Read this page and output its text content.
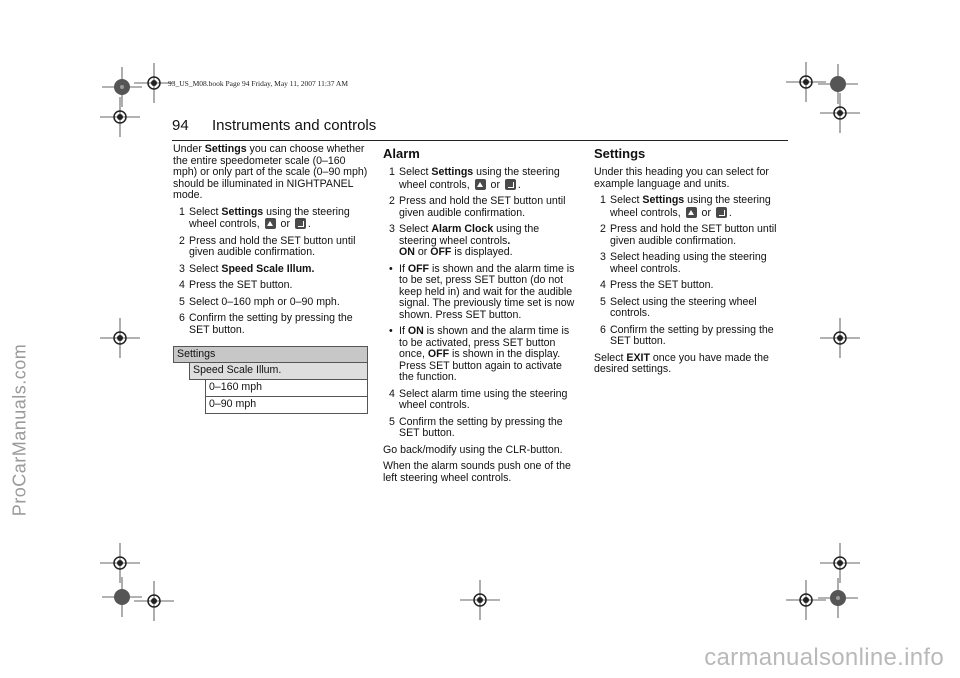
ProCarManuals.com
carmanualsonline.info
93_US_M08.book Page 94 Friday, May 11, 2007 11:37 AM
94 Instruments and controls
Under Settings you can choose whether the entire speedometer scale (0–160 mph) or only part of the scale (0–90 mph) should be illuminated in NIGHTPANEL mode.
1 Select Settings using the steering wheel controls,  or .
2 Press and hold the SET button until given audible confirmation.
3 Select Speed Scale Illum.
4 Press the SET button.
5 Select 0–160 mph or 0–90 mph.
6 Confirm the setting by pressing the SET button.
Settings
Speed Scale Illum.
0–160 mph
0–90 mph
Alarm
1 Select Settings using the steering wheel controls,  or .
2 Press and hold the SET button until given audible confirmation.
3 Select Alarm Clock using the steering wheel controls.
ON or OFF is displayed.
• If OFF is shown and the alarm time is to be set, press SET button (do not keep held in) and wait for the audible signal. The previously time set is now shown. Press SET button.
• If ON is shown and the alarm time is to be activated, press SET button once, OFF is shown in the display. Press SET button again to activate the function.
4 Select alarm time using the steering wheel controls.
5 Confirm the setting by pressing the SET button.
Go back/modify using the CLR-button.
When the alarm sounds push one of the left steering wheel controls.
Settings
Under this heading you can select for example language and units.
1 Select Settings using the steering wheel controls,  or .
2 Press and hold the SET button until given audible confirmation.
3 Select heading using the steering wheel controls.
4 Press the SET button.
5 Select using the steering wheel controls.
6 Confirm the setting by pressing the SET button.
Select EXIT once you have made the desired settings.
